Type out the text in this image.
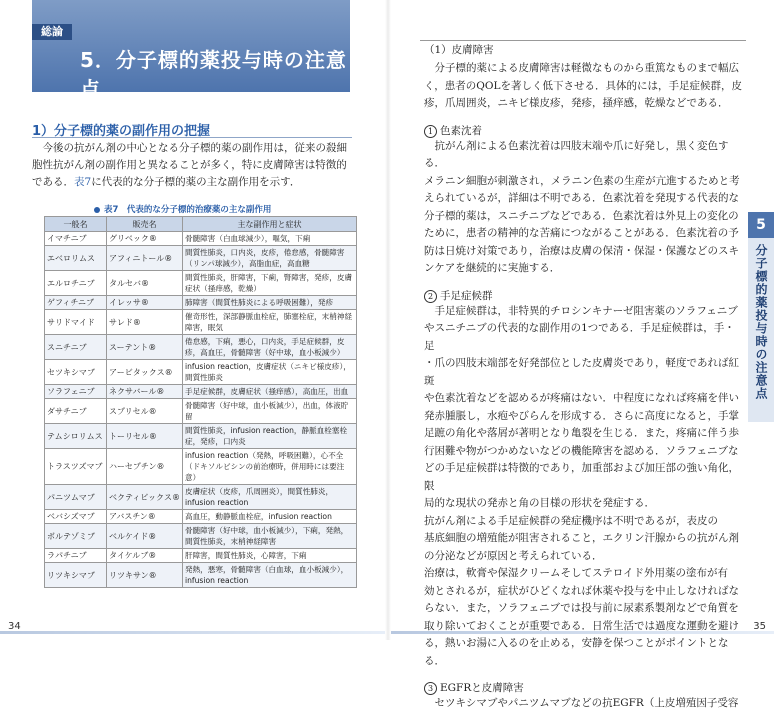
総論
5．分子標的薬投与時の注意点
1）分子標的薬の副作用の把握
今後の抗がん剤の中心となる分子標的薬の副作用は，従来の殺細
胞性抗がん剤の副作用と異なることが多く，特に皮膚障害は特徴的
である．表7に代表的な分子標的薬の主な副作用を示す．
表7　代表的な分子標的治療薬の主な副作用
一般名	販売名	主な副作用と症状
イマチニブ	グリベック®	骨髄障害（白血球減少），嘔気，下痢
エベロリムス	アフィニトール®	間質性肺炎，口内炎，皮疹，倦怠感，骨髄障害（リンパ球減少），高脂血症，高血糖
エルロチニブ	タルセバ®	間質性肺炎，肝障害，下痢，腎障害，発疹，皮膚症状（掻痒感，乾燥）
ゲフィチニブ	イレッサ®	肺障害（間質性肺炎による呼吸困難），発疹
サリドマイド	サレド®	催奇形性，深部静脈血栓症，肺塞栓症，末梢神経障害，眠気
スニチニブ	スーテント®	倦怠感，下痢，悪心，口内炎，手足症候群，皮疹，高血圧，骨髄障害（好中球，血小板減少）
セツキシマブ	アービタックス®	infusion reaction，皮膚症状（ニキビ様皮疹），間質性肺炎
ソラフェニブ	ネクサバール®	手足症候群，皮膚症状（掻痒感），高血圧，出血
ダサチニブ	スプリセル®	骨髄障害（好中球，血小板減少），出血，体液貯留
テムシロリムス	トーリセル®	間質性肺炎，infusion reaction，静脈血栓塞栓症，発疹，口内炎
トラスツズマブ	ハーセプチン®	infusion reaction（発熱，呼吸困難），心不全（ドキソルビシンの前治療時，併用時には要注意）
パニツムマブ	ベクティビックス®	皮膚症状（皮疹，爪周囲炎），間質性肺炎，infusion reaction
ベバシズマブ	アバスチン®	高血圧，動静脈血栓症，infusion reaction
ボルテゾミブ	ベルケイド®	骨髄障害（好中球，血小板減少），下痢，発熱，間質性肺炎，末梢神経障害
ラパチニブ	タイケルブ®	肝障害，間質性肺炎，心障害，下痢
リツキシマブ	リツキサン®	発熱，悪寒，骨髄障害（白血球，血小板減少），infusion reaction
34
（1）皮膚障害
分子標的薬による皮膚障害は軽微なものから重篤なものまで幅広
く，患者のQOLを著しく低下させる．具体的には，手足症候群，皮
疹，爪周囲炎，ニキビ様皮疹，発疹，掻痒感，乾燥などである．
1 色素沈着
抗がん剤による色素沈着は四肢末端や爪に好発し，黒く変色する．
メラニン細胞が刺激され，メラニン色素の生産が亢進するためと考
えられているが，詳細は不明である．色素沈着を発現する代表的な
分子標的薬は，スニチニブなどである．色素沈着は外見上の変化の
ために，患者の精神的な苦痛につながることがある．色素沈着の予
防は日焼け対策であり，治療は皮膚の保清・保湿・保護などのスキ
ンケアを継続的に実施する．
2 手足症候群
手足症候群は，非特異的チロシンキナーゼ阻害薬のソラフェニブ
やスニチニブの代表的な副作用の1つである．手足症候群は，手・足
・爪の四肢末端部を好発部位とした皮膚炎であり，軽度であれば紅斑
や色素沈着などを認めるが疼痛はない．中程度になれば疼痛を伴い
発赤腫脹し，水疱やびらんを形成する．さらに高度になると，手掌
足蹠の角化や落屑が著明となり亀裂を生じる．また，疼痛に伴う歩
行困難や物がつかめないなどの機能障害を認める．ソラフェニブな
どの手足症候群は特徴的であり，加重部および加圧部の強い角化，限
局的な現状の発赤と角の目様の形状を発症する．
抗がん剤による手足症候群の発症機序は不明であるが，表皮の
基底細胞の増殖能が阻害されること，エクリン汗腺からの抗がん剤
の分泌などが原因と考えられている．
治療は，軟膏や保湿クリームそしてステロイド外用薬の塗布が有
効とされるが，症状がひどくなれば休薬や投与を中止しなければな
らない．また，ソラフェニブでは投与前に尿素系製剤などで角質を
取り除いておくことが重要である．日常生活では過度な運動を避け
る，熱いお湯に入るのを止める，安静を保つことがポイントとなる．
3 EGFRと皮膚障害
セツキシマブやパニツムマブなどの抗EGFR（上皮増殖因子受容
5
分子標的薬投与時の注意点
35
